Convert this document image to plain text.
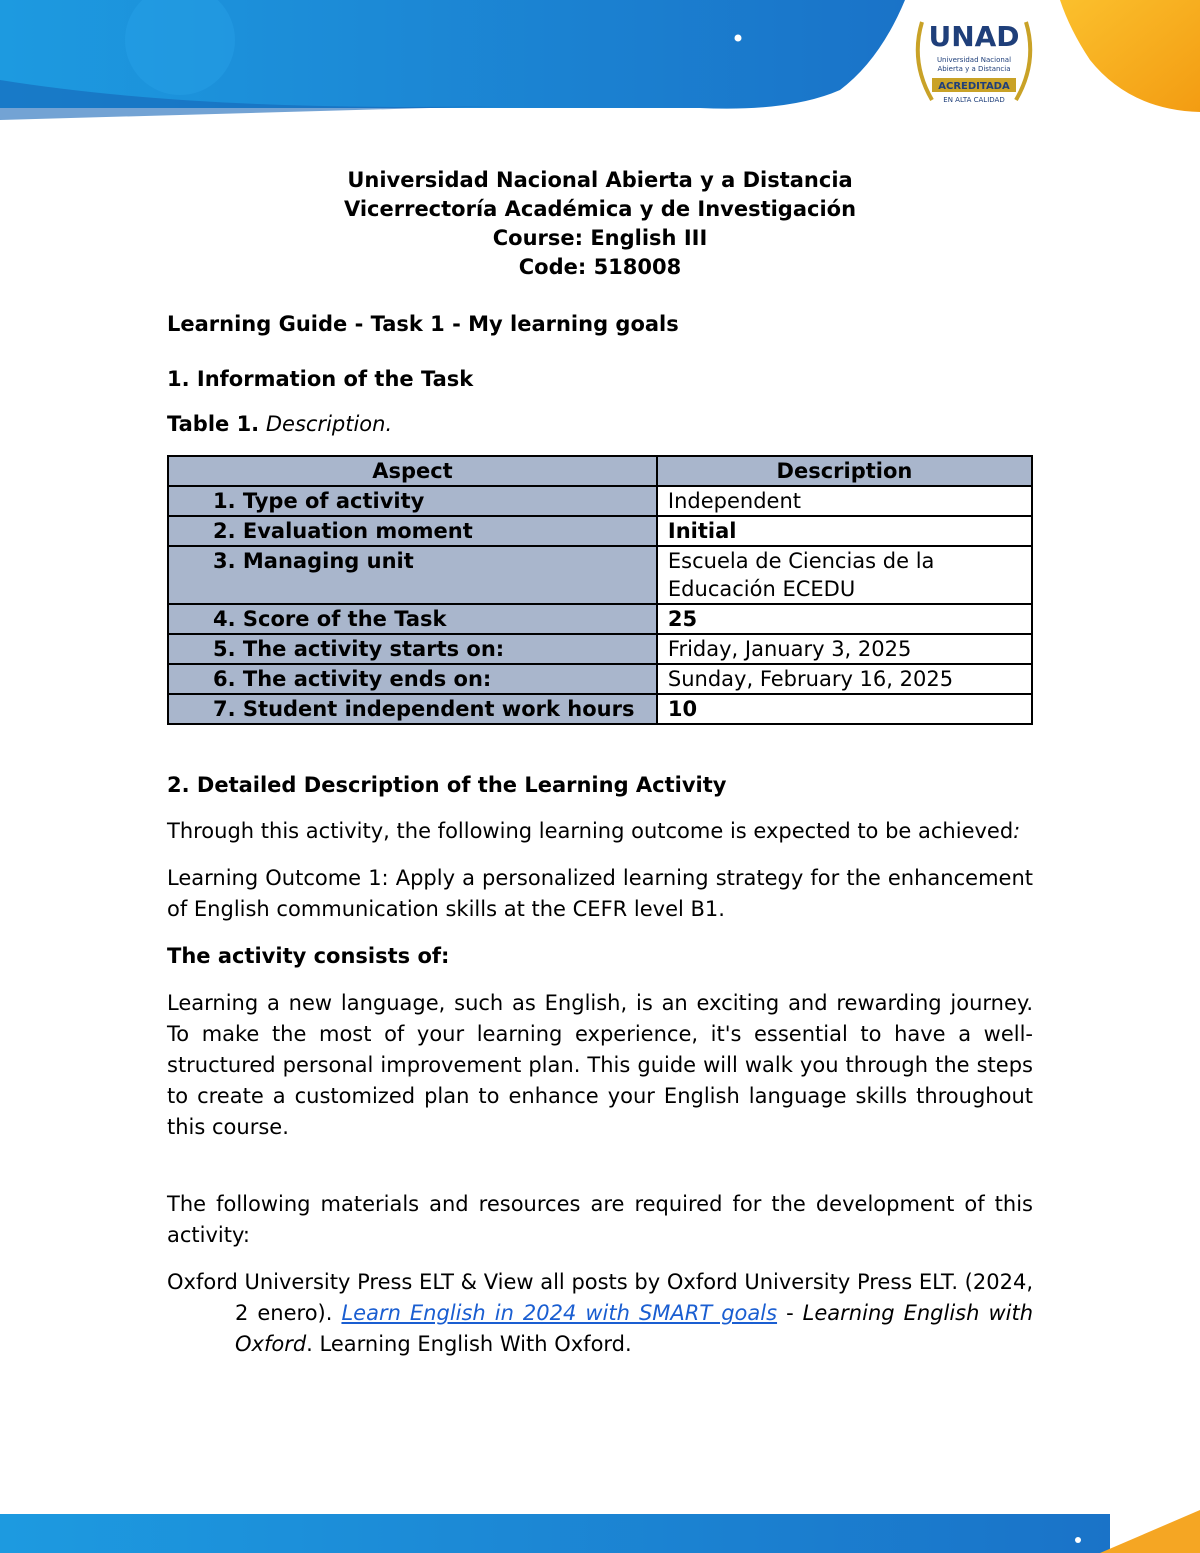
UNAD
Universidad Nacional
Abierta y a Distancia
ACREDITADA
EN ALTA CALIDAD
Universidad Nacional Abierta y a Distancia
Vicerrectoría Académica y de Investigación
Course: English III
Code: 518008
Learning Guide - Task 1 - My learning goals
1. Information of the Task
Table 1. Description.
Aspect	Description

1. Type of activity	Independent

2. Evaluation moment	Initial

3. Managing unit	Escuela de Ciencias de la Educación ECEDU

4. Score of the Task	25

5. The activity starts on:	Friday, January 3, 2025

6. The activity ends on:	Sunday, February 16, 2025

7. Student independent work hours	10
2. Detailed Description of the Learning Activity

Through this activity, the following learning outcome is expected to be achieved:

Learning Outcome 1: Apply a personalized learning strategy for the enhancement of English communication skills at the CEFR level B1.

The activity consists of:

Learning a new language, such as English, is an exciting and rewarding journey. To make the most of your learning experience, it's essential to have a well-structured personal improvement plan. This guide will walk you through the steps to create a customized plan to enhance your English language skills throughout this course.

The following materials and resources are required for the development of this activity:

Oxford University Press ELT & View all posts by Oxford University Press ELT. (2024, 2 enero). Learn English in 2024 with SMART goals - Learning English with Oxford. Learning English With Oxford.
